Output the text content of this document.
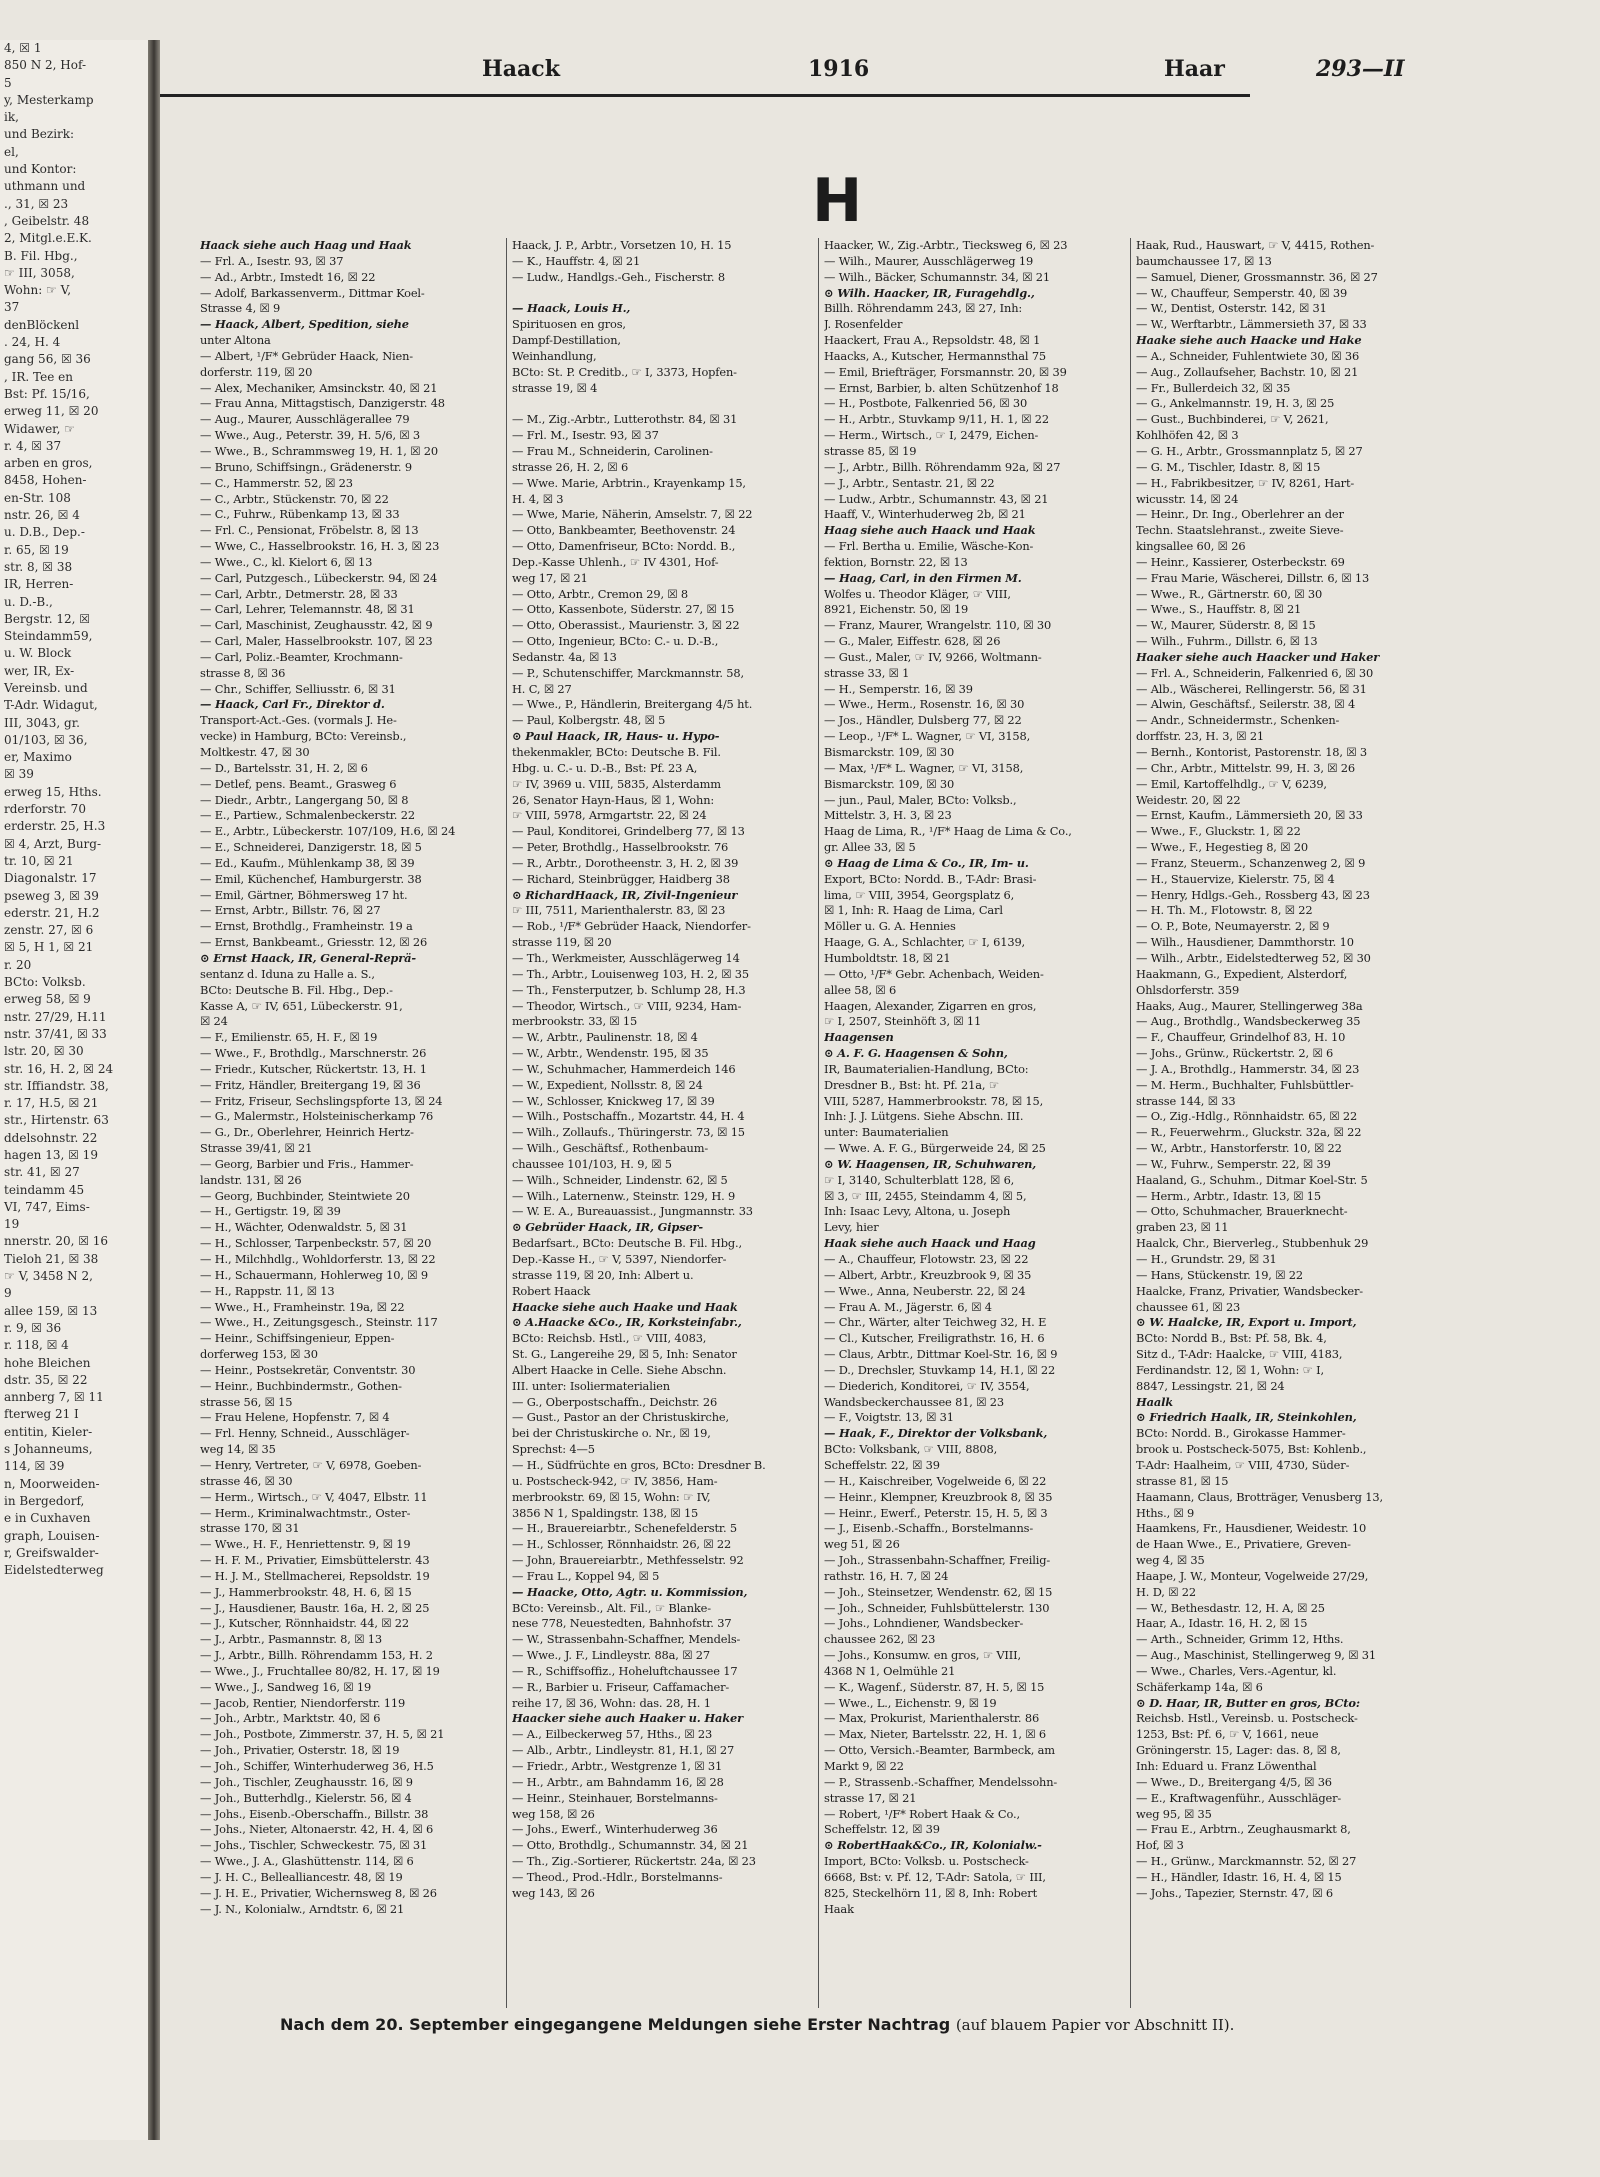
4, ☒ 1
850 N 2, Hof-
5
y, Mesterkamp
ik,
und Bezirk:
el,
und Kontor:
uthmann und
., 31, ☒ 23
, Geibelstr. 48
2, Mitgl.e.E.K.
B. Fil. Hbg.,
☞ III, 3058,
Wohn: ☞ V,
37
denBlöckenl
. 24, H. 4
gang 56, ☒ 36
, IR. Tee en
Bst: Pf. 15/16,
erweg 11, ☒ 20
Widawer, ☞
r. 4, ☒ 37
arben en gros,
8458, Hohen-
en-Str. 108
nstr. 26, ☒ 4
u. D.B., Dep.-
r. 65, ☒ 19
str. 8, ☒ 38
IR, Herren-
u. D.-B.,
Bergstr. 12, ☒
Steindamm59,
u. W. Block
wer, IR, Ex-
Vereinsb. und
T-Adr. Widagut,
III, 3043, gr.
01/103, ☒ 36,
er, Maximo
☒ 39
erweg 15, Hths.
rderforstr. 70
erderstr. 25, H.3
☒ 4, Arzt, Burg-
tr. 10, ☒ 21
Diagonalstr. 17
pseweg 3, ☒ 39
ederstr. 21, H.2
zenstr. 27, ☒ 6
☒ 5, H 1, ☒ 21
r. 20
BCto: Volksb.
erweg 58, ☒ 9
nstr. 27/29, H.11
nstr. 37/41, ☒ 33
lstr. 20, ☒ 30
str. 16, H. 2, ☒ 24
str. Iffiandstr. 38,
r. 17, H.5, ☒ 21
str., Hirtenstr. 63
ddelsohnstr. 22
hagen 13, ☒ 19
str. 41, ☒ 27
teindamm 45
VI, 747, Eims-
19
nnerstr. 20, ☒ 16
Tieloh 21, ☒ 38
☞ V, 3458 N 2,
9
allee 159, ☒ 13
r. 9, ☒ 36
r. 118, ☒ 4
hohe Bleichen
dstr. 35, ☒ 22
annberg 7, ☒ 11
fterweg 21 I
entitin, Kieler-
s Johanneums,
114, ☒ 39
n, Moorweiden-
in Bergedorf,
e in Cuxhaven
graph, Louisen-
r, Greifswalder-
Eidelstedterweg
Haack	1916	Haar	293—II
H
Haack siehe auch Haag und Haak
— Frl. A., Isestr. 93, ☒ 37
— Ad., Arbtr., Imstedt 16, ☒ 22
— Adolf, Barkassenverm., Dittmar Koel-
Strasse 4, ☒ 9
— Haack, Albert, Spedition, siehe
unter Altona
— Albert, ¹/F* Gebrüder Haack, Nien-
dorferstr. 119, ☒ 20
— Alex, Mechaniker, Amsinckstr. 40, ☒ 21
— Frau Anna, Mittagstisch, Danzigerstr. 48
— Aug., Maurer, Ausschlägerallee 79
— Wwe., Aug., Peterstr. 39, H. 5/6, ☒ 3
— Wwe., B., Schrammsweg 19, H. 1, ☒ 20
— Bruno, Schiffsingn., Grädenerstr. 9
— C., Hammerstr. 52, ☒ 23
— C., Arbtr., Stückenstr. 70, ☒ 22
— C., Fuhrw., Rübenkamp 13, ☒ 33
— Frl. C., Pensionat, Fröbelstr. 8, ☒ 13
— Wwe, C., Hasselbrookstr. 16, H. 3, ☒ 23
— Wwe., C., kl. Kielort 6, ☒ 13
— Carl, Putzgesch., Lübeckerstr. 94, ☒ 24
— Carl, Arbtr., Detmerstr. 28, ☒ 33
— Carl, Lehrer, Telemannstr. 48, ☒ 31
— Carl, Maschinist, Zeughausstr. 42, ☒ 9
— Carl, Maler, Hasselbrookstr. 107, ☒ 23
— Carl, Poliz.-Beamter, Krochmann-
strasse 8, ☒ 36
— Chr., Schiffer, Selliusstr. 6, ☒ 31
— Haack, Carl Fr., Direktor d.
Transport-Act.-Ges. (vormals J. He-
vecke) in Hamburg, BCto: Vereinsb.,
Moltkestr. 47, ☒ 30
— D., Bartelsstr. 31, H. 2, ☒ 6
— Detlef, pens. Beamt., Grasweg 6
— Diedr., Arbtr., Langergang 50, ☒ 8
— E., Partiew., Schmalenbeckerstr. 22
— E., Arbtr., Lübeckerstr. 107/109, H.6, ☒ 24
— E., Schneiderei, Danzigerstr. 18, ☒ 5
— Ed., Kaufm., Mühlenkamp 38, ☒ 39
— Emil, Küchenchef, Hamburgerstr. 38
— Emil, Gärtner, Böhmersweg 17 ht.
— Ernst, Arbtr., Billstr. 76, ☒ 27
— Ernst, Brothdlg., Framheinstr. 19 a
— Ernst, Bankbeamt., Griesstr. 12, ☒ 26
⊙ Ernst Haack, IR, General-Reprä-
sentanz d. Iduna zu Halle a. S.,
BCto: Deutsche B. Fil. Hbg., Dep.-
Kasse A, ☞ IV, 651, Lübeckerstr. 91,
☒ 24
— F., Emilienstr. 65, H. F., ☒ 19
— Wwe., F., Brothdlg., Marschnerstr. 26
— Friedr., Kutscher, Rückertstr. 13, H. 1
— Fritz, Händler, Breitergang 19, ☒ 36
— Fritz, Friseur, Sechslingspforte 13, ☒ 24
— G., Malermstr., Holsteinischerkamp 76
— G., Dr., Oberlehrer, Heinrich Hertz-
Strasse 39/41, ☒ 21
— Georg, Barbier und Fris., Hammer-
landstr. 131, ☒ 26
— Georg, Buchbinder, Steintwiete 20
— H., Gertigstr. 19, ☒ 39
— H., Wächter, Odenwaldstr. 5, ☒ 31
— H., Schlosser, Tarpenbeckstr. 57, ☒ 20
— H., Milchhdlg., Wohldorferstr. 13, ☒ 22
— H., Schauermann, Hohlerweg 10, ☒ 9
— H., Rappstr. 11, ☒ 13
— Wwe., H., Framheinstr. 19a, ☒ 22
— Wwe., H., Zeitungsgesch., Steinstr. 117
— Heinr., Schiffsingenieur, Eppen-
dorferweg 153, ☒ 30
— Heinr., Postsekretär, Conventstr. 30
— Heinr., Buchbindermstr., Gothen-
strasse 56, ☒ 15
— Frau Helene, Hopfenstr. 7, ☒ 4
— Frl. Henny, Schneid., Ausschläger-
weg 14, ☒ 35
— Henry, Vertreter, ☞ V, 6978, Goeben-
strasse 46, ☒ 30
— Herm., Wirtsch., ☞ V, 4047, Elbstr. 11
— Herm., Kriminalwachtmstr., Oster-
strasse 170, ☒ 31
— Wwe., H. F., Henriettenstr. 9, ☒ 19
— H. F. M., Privatier, Eimsbüttelerstr. 43
— H. J. M., Stellmacherei, Repsoldstr. 19
— J., Hammerbrookstr. 48, H. 6, ☒ 15
— J., Hausdiener, Baustr. 16a, H. 2, ☒ 25
— J., Kutscher, Rönnhaidstr. 44, ☒ 22
— J., Arbtr., Pasmannstr. 8, ☒ 13
— J., Arbtr., Billh. Röhrendamm 153, H. 2
— Wwe., J., Fruchtallee 80/82, H. 17, ☒ 19
— Wwe., J., Sandweg 16, ☒ 19
— Jacob, Rentier, Niendorferstr. 119
— Joh., Arbtr., Marktstr. 40, ☒ 6
— Joh., Postbote, Zimmerstr. 37, H. 5, ☒ 21
— Joh., Privatier, Osterstr. 18, ☒ 19
— Joh., Schiffer, Winterhuderweg 36, H.5
— Joh., Tischler, Zeughausstr. 16, ☒ 9
— Joh., Butterhdlg., Kielerstr. 56, ☒ 4
— Johs., Eisenb.-Oberschaffn., Billstr. 38
— Johs., Nieter, Altonaerstr. 42, H. 4, ☒ 6
— Johs., Tischler, Schweckestr. 75, ☒ 31
— Wwe., J. A., Glashüttenstr. 114, ☒ 6
— J. H. C., Bellealliancestr. 48, ☒ 19
— J. H. E., Privatier, Wichernsweg 8, ☒ 26
— J. N., Kolonialw., Arndtstr. 6, ☒ 21
Haack, J. P., Arbtr., Vorsetzen 10, H. 15
— K., Hauffstr. 4, ☒ 21
— Ludw., Handlgs.-Geh., Fischerstr. 8

— Haack, Louis H.,
Spirituosen en gros,
Dampf-Destillation,
Weinhandlung,
BCto: St. P. Creditb., ☞ I, 3373, Hopfen-
strasse 19, ☒ 4

— M., Zig.-Arbtr., Lutterothstr. 84, ☒ 31
— Frl. M., Isestr. 93, ☒ 37
— Frau M., Schneiderin, Carolinen-
strasse 26, H. 2, ☒ 6
— Wwe. Marie, Arbtrin., Krayenkamp 15,
H. 4, ☒ 3
— Wwe, Marie, Näherin, Amselstr. 7, ☒ 22
— Otto, Bankbeamter, Beethovenstr. 24
— Otto, Damenfriseur, BCto: Nordd. B.,
Dep.-Kasse Uhlenh., ☞ IV 4301, Hof-
weg 17, ☒ 21
— Otto, Arbtr., Cremon 29, ☒ 8
— Otto, Kassenbote, Süderstr. 27, ☒ 15
— Otto, Oberassist., Maurienstr. 3, ☒ 22
— Otto, Ingenieur, BCto: C.- u. D.-B.,
Sedanstr. 4a, ☒ 13
— P., Schutenschiffer, Marckmannstr. 58,
H. C, ☒ 27
— Wwe., P., Händlerin, Breitergang 4/5 ht.
— Paul, Kolbergstr. 48, ☒ 5
⊙ Paul Haack, IR, Haus- u. Hypo-
thekenmakler, BCto: Deutsche B. Fil.
Hbg. u. C.- u. D.-B., Bst: Pf. 23 A,
☞ IV, 3969 u. VIII, 5835, Alsterdamm
26, Senator Hayn-Haus, ☒ 1, Wohn:
☞ VIII, 5978, Armgartstr. 22, ☒ 24
— Paul, Konditorei, Grindelberg 77, ☒ 13
— Peter, Brothdlg., Hasselbrookstr. 76
— R., Arbtr., Dorotheenstr. 3, H. 2, ☒ 39
— Richard, Steinbrügger, Haidberg 38
⊙ RichardHaack, IR, Zivil-Ingenieur
☞ III, 7511, Marienthalerstr. 83, ☒ 23
— Rob., ¹/F* Gebrüder Haack, Niendorfer-
strasse 119, ☒ 20
— Th., Werkmeister, Ausschlägerweg 14
— Th., Arbtr., Louisenweg 103, H. 2, ☒ 35
— Th., Fensterputzer, b. Schlump 28, H.3
— Theodor, Wirtsch., ☞ VIII, 9234, Ham-
merbrookstr. 33, ☒ 15
— W., Arbtr., Paulinenstr. 18, ☒ 4
— W., Arbtr., Wendenstr. 195, ☒ 35
— W., Schuhmacher, Hammerdeich 146
— W., Expedient, Nollsstr. 8, ☒ 24
— W., Schlosser, Knickweg 17, ☒ 39
— Wilh., Postschaffn., Mozartstr. 44, H. 4
— Wilh., Zollaufs., Thüringerstr. 73, ☒ 15
— Wilh., Geschäftsf., Rothenbaum-
chaussee 101/103, H. 9, ☒ 5
— Wilh., Schneider, Lindenstr. 62, ☒ 5
— Wilh., Laternenw., Steinstr. 129, H. 9
— W. E. A., Bureauassist., Jungmannstr. 33
⊙ Gebrüder Haack, IR, Gipser-
Bedarfsart., BCto: Deutsche B. Fil. Hbg.,
Dep.-Kasse H., ☞ V, 5397, Niendorfer-
strasse 119, ☒ 20, Inh: Albert u.
Robert Haack
Haacke siehe auch Haake und Haak
⊙ A.Haacke &Co., IR, Korksteinfabr.,
BCto: Reichsb. Hstl., ☞ VIII, 4083,
St. G., Langereihe 29, ☒ 5, Inh: Senator
Albert Haacke in Celle. Siehe Abschn.
III. unter: Isoliermaterialien
— G., Oberpostschaffn., Deichstr. 26
— Gust., Pastor an der Christuskirche,
bei der Christuskirche o. Nr., ☒ 19,
Sprechst: 4—5
— H., Südfrüchte en gros, BCto: Dresdner B.
u. Postscheck-942, ☞ IV, 3856, Ham-
merbrookstr. 69, ☒ 15, Wohn: ☞ IV,
3856 N 1, Spaldingstr. 138, ☒ 15
— H., Brauereiarbtr., Schenefelderstr. 5
— H., Schlosser, Rönnhaidstr. 26, ☒ 22
— John, Brauereiarbtr., Methfesselstr. 92
— Frau L., Koppel 94, ☒ 5
— Haacke, Otto, Agtr. u. Kommission,
BCto: Vereinsb., Alt. Fil., ☞ Blanke-
nese 778, Neuestedten, Bahnhofstr. 37
— W., Strassenbahn-Schaffner, Mendels-
— Wwe., J. F., Lindleystr. 88a, ☒ 27
— R., Schiffsoffiz., Hoheluftchaussee 17
— R., Barbier u. Friseur, Caffamacher-
reihe 17, ☒ 36, Wohn: das. 28, H. 1
Haacker siehe auch Haaker u. Haker
— A., Eilbeckerweg 57, Hths., ☒ 23
— Alb., Arbtr., Lindleystr. 81, H.1, ☒ 27
— Friedr., Arbtr., Westgrenze 1, ☒ 31
— H., Arbtr., am Bahndamm 16, ☒ 28
— Heinr., Steinhauer, Borstelmanns-
weg 158, ☒ 26
— Johs., Ewerf., Winterhuderweg 36
— Otto, Brothdlg., Schumannstr. 34, ☒ 21
— Th., Zig.-Sortierer, Rückertstr. 24a, ☒ 23
— Theod., Prod.-Hdlr., Borstelmanns-
weg 143, ☒ 26
Haacker, W., Zig.-Arbtr., Tiecksweg 6, ☒ 23
— Wilh., Maurer, Ausschlägerweg 19
— Wilh., Bäcker, Schumannstr. 34, ☒ 21
⊙ Wilh. Haacker, IR, Furagehdlg.,
Billh. Röhrendamm 243, ☒ 27, Inh:
J. Rosenfelder
Haackert, Frau A., Repsoldstr. 48, ☒ 1
Haacks, A., Kutscher, Hermannsthal 75
— Emil, Briefträger, Forsmannstr. 20, ☒ 39
— Ernst, Barbier, b. alten Schützenhof 18
— H., Postbote, Falkenried 56, ☒ 30
— H., Arbtr., Stuvkamp 9/11, H. 1, ☒ 22
— Herm., Wirtsch., ☞ I, 2479, Eichen-
strasse 85, ☒ 19
— J., Arbtr., Billh. Röhrendamm 92a, ☒ 27
— J., Arbtr., Sentastr. 21, ☒ 22
— Ludw., Arbtr., Schumannstr. 43, ☒ 21
Haaff, V., Winterhuderweg 2b, ☒ 21
Haag siehe auch Haack und Haak
— Frl. Bertha u. Emilie, Wäsche-Kon-
fektion, Bornstr. 22, ☒ 13
— Haag, Carl, in den Firmen M.
Wolfes u. Theodor Kläger, ☞ VIII,
8921, Eichenstr. 50, ☒ 19
— Franz, Maurer, Wrangelstr. 110, ☒ 30
— G., Maler, Eiffestr. 628, ☒ 26
— Gust., Maler, ☞ IV, 9266, Woltmann-
strasse 33, ☒ 1
— H., Semperstr. 16, ☒ 39
— Wwe., Herm., Rosenstr. 16, ☒ 30
— Jos., Händler, Dulsberg 77, ☒ 22
— Leop., ¹/F* L. Wagner, ☞ VI, 3158,
Bismarckstr. 109, ☒ 30
— Max, ¹/F* L. Wagner, ☞ VI, 3158,
Bismarckstr. 109, ☒ 30
— jun., Paul, Maler, BCto: Volksb.,
Mittelstr. 3, H. 3, ☒ 23
Haag de Lima, R., ¹/F* Haag de Lima & Co.,
gr. Allee 33, ☒ 5
⊙ Haag de Lima & Co., IR, Im- u.
Export, BCto: Nordd. B., T-Adr: Brasi-
lima, ☞ VIII, 3954, Georgsplatz 6,
☒ 1, Inh: R. Haag de Lima, Carl
Möller u. G. A. Hennies
Haage, G. A., Schlachter, ☞ I, 6139,
Humboldtstr. 18, ☒ 21
— Otto, ¹/F* Gebr. Achenbach, Weiden-
allee 58, ☒ 6
Haagen, Alexander, Zigarren en gros,
☞ I, 2507, Steinhöft 3, ☒ 11
Haagensen
⊙ A. F. G. Haagensen & Sohn,
IR, Baumaterialien-Handlung, BCto:
Dresdner B., Bst: ht. Pf. 21a, ☞
VIII, 5287, Hammerbrookstr. 78, ☒ 15,
Inh: J. J. Lütgens. Siehe Abschn. III.
unter: Baumaterialien
— Wwe. A. F. G., Bürgerweide 24, ☒ 25
⊙ W. Haagensen, IR, Schuhwaren,
☞ I, 3140, Schulterblatt 128, ☒ 6,
☒ 3, ☞ III, 2455, Steindamm 4, ☒ 5,
Inh: Isaac Levy, Altona, u. Joseph
Levy, hier
Haak siehe auch Haack und Haag
— A., Chauffeur, Flotowstr. 23, ☒ 22
— Albert, Arbtr., Kreuzbrook 9, ☒ 35
— Wwe., Anna, Neuberstr. 22, ☒ 24
— Frau A. M., Jägerstr. 6, ☒ 4
— Chr., Wärter, alter Teichweg 32, H. E
— Cl., Kutscher, Freiligrathstr. 16, H. 6
— Claus, Arbtr., Dittmar Koel-Str. 16, ☒ 9
— D., Drechsler, Stuvkamp 14, H.1, ☒ 22
— Diederich, Konditorei, ☞ IV, 3554,
Wandsbeckerchaussee 81, ☒ 23
— F., Voigtstr. 13, ☒ 31
— Haak, F., Direktor der Volksbank,
BCto: Volksbank, ☞ VIII, 8808,
Scheffelstr. 22, ☒ 39
— H., Kaischreiber, Vogelweide 6, ☒ 22
— Heinr., Klempner, Kreuzbrook 8, ☒ 35
— Heinr., Ewerf., Peterstr. 15, H. 5, ☒ 3
— J., Eisenb.-Schaffn., Borstelmanns-
weg 51, ☒ 26
— Joh., Strassenbahn-Schaffner, Freilig-
rathstr. 16, H. 7, ☒ 24
— Joh., Steinsetzer, Wendenstr. 62, ☒ 15
— Joh., Schneider, Fuhlsbüttelerstr. 130
— Johs., Lohndiener, Wandsbecker-
chaussee 262, ☒ 23
— Johs., Konsumw. en gros, ☞ VIII,
4368 N 1, Oelmühle 21
— K., Wagenf., Süderstr. 87, H. 5, ☒ 15
— Wwe., L., Eichenstr. 9, ☒ 19
— Max, Prokurist, Marienthalerstr. 86
— Max, Nieter, Bartelsstr. 22, H. 1, ☒ 6
— Otto, Versich.-Beamter, Barmbeck, am
Markt 9, ☒ 22
— P., Strassenb.-Schaffner, Mendelssohn-
strasse 17, ☒ 21
— Robert, ¹/F* Robert Haak & Co.,
Scheffelstr. 12, ☒ 39
⊙ RobertHaak&Co., IR, Kolonialw.-
Import, BCto: Volksb. u. Postscheck-
6668, Bst: v. Pf. 12, T-Adr: Satola, ☞ III,
825, Steckelhörn 11, ☒ 8, Inh: Robert
Haak
Haak, Rud., Hauswart, ☞ V, 4415, Rothen-
baumchaussee 17, ☒ 13
— Samuel, Diener, Grossmannstr. 36, ☒ 27
— W., Chauffeur, Semperstr. 40, ☒ 39
— W., Dentist, Osterstr. 142, ☒ 31
— W., Werftarbtr., Lämmersieth 37, ☒ 33
Haake siehe auch Haacke und Hake
— A., Schneider, Fuhlentwiete 30, ☒ 36
— Aug., Zollaufseher, Bachstr. 10, ☒ 21
— Fr., Bullerdeich 32, ☒ 35
— G., Ankelmannstr. 19, H. 3, ☒ 25
— Gust., Buchbinderei, ☞ V, 2621,
Kohlhöfen 42, ☒ 3
— G. H., Arbtr., Grossmannplatz 5, ☒ 27
— G. M., Tischler, Idastr. 8, ☒ 15
— H., Fabrikbesitzer, ☞ IV, 8261, Hart-
wicusstr. 14, ☒ 24
— Heinr., Dr. Ing., Oberlehrer an der
Techn. Staatslehranst., zweite Sieve-
kingsallee 60, ☒ 26
— Heinr., Kassierer, Osterbeckstr. 69
— Frau Marie, Wäscherei, Dillstr. 6, ☒ 13
— Wwe., R., Gärtnerstr. 60, ☒ 30
— Wwe., S., Hauffstr. 8, ☒ 21
— W., Maurer, Süderstr. 8, ☒ 15
— Wilh., Fuhrm., Dillstr. 6, ☒ 13
Haaker siehe auch Haacker und Haker
— Frl. A., Schneiderin, Falkenried 6, ☒ 30
— Alb., Wäscherei, Rellingerstr. 56, ☒ 31
— Alwin, Geschäftsf., Seilerstr. 38, ☒ 4
— Andr., Schneidermstr., Schenken-
dorffstr. 23, H. 3, ☒ 21
— Bernh., Kontorist, Pastorenstr. 18, ☒ 3
— Chr., Arbtr., Mittelstr. 99, H. 3, ☒ 26
— Emil, Kartoffelhdlg., ☞ V, 6239,
Weidestr. 20, ☒ 22
— Ernst, Kaufm., Lämmersieth 20, ☒ 33
— Wwe., F., Gluckstr. 1, ☒ 22
— Wwe., F., Hegestieg 8, ☒ 20
— Franz, Steuerm., Schanzenweg 2, ☒ 9
— H., Stauervize, Kielerstr. 75, ☒ 4
— Henry, Hdlgs.-Geh., Rossberg 43, ☒ 23
— H. Th. M., Flotowstr. 8, ☒ 22
— O. P., Bote, Neumayerstr. 2, ☒ 9
— Wilh., Hausdiener, Dammthorstr. 10
— Wilh., Arbtr., Eidelstedterweg 52, ☒ 30
Haakmann, G., Expedient, Alsterdorf,
Ohlsdorferstr. 359
Haaks, Aug., Maurer, Stellingerweg 38a
— Aug., Brothdlg., Wandsbeckerweg 35
— F., Chauffeur, Grindelhof 83, H. 10
— Johs., Grünw., Rückertstr. 2, ☒ 6
— J. A., Brothdlg., Hammerstr. 34, ☒ 23
— M. Herm., Buchhalter, Fuhlsbüttler-
strasse 144, ☒ 33
— O., Zig.-Hdlg., Rönnhaidstr. 65, ☒ 22
— R., Feuerwehrm., Gluckstr. 32a, ☒ 22
— W., Arbtr., Hanstorferstr. 10, ☒ 22
— W., Fuhrw., Semperstr. 22, ☒ 39
Haaland, G., Schuhm., Ditmar Koel-Str. 5
— Herm., Arbtr., Idastr. 13, ☒ 15
— Otto, Schuhmacher, Brauerknecht-
graben 23, ☒ 11
Haalck, Chr., Bierverleg., Stubbenhuk 29
— H., Grundstr. 29, ☒ 31
— Hans, Stückenstr. 19, ☒ 22
Haalcke, Franz, Privatier, Wandsbecker-
chaussee 61, ☒ 23
⊙ W. Haalcke, IR, Export u. Import,
BCto: Nordd B., Bst: Pf. 58, Bk. 4,
Sitz d., T-Adr: Haalcke, ☞ VIII, 4183,
Ferdinandstr. 12, ☒ 1, Wohn: ☞ I,
8847, Lessingstr. 21, ☒ 24
Haalk
⊙ Friedrich Haalk, IR, Steinkohlen,
BCto: Nordd. B., Girokasse Hammer-
brook u. Postscheck-5075, Bst: Kohlenb.,
T-Adr: Haalheim, ☞ VIII, 4730, Süder-
strasse 81, ☒ 15
Haamann, Claus, Brotträger, Venusberg 13,
Hths., ☒ 9
Haamkens, Fr., Hausdiener, Weidestr. 10
de Haan Wwe., E., Privatiere, Greven-
weg 4, ☒ 35
Haape, J. W., Monteur, Vogelweide 27/29,
H. D, ☒ 22
— W., Bethesdastr. 12, H. A, ☒ 25
Haar, A., Idastr. 16, H. 2, ☒ 15
— Arth., Schneider, Grimm 12, Hths.
— Aug., Maschinist, Stellingerweg 9, ☒ 31
— Wwe., Charles, Vers.-Agentur, kl.
Schäferkamp 14a, ☒ 6
⊙ D. Haar, IR, Butter en gros, BCto:
Reichsb. Hstl., Vereinsb. u. Postscheck-
1253, Bst: Pf. 6, ☞ V, 1661, neue
Gröningerstr. 15, Lager: das. 8, ☒ 8,
Inh: Eduard u. Franz Löwenthal
— Wwe., D., Breitergang 4/5, ☒ 36
— E., Kraftwagenführ., Ausschläger-
weg 95, ☒ 35
— Frau E., Arbtrn., Zeughausmarkt 8,
Hof, ☒ 3
— H., Grünw., Marckmannstr. 52, ☒ 27
— H., Händler, Idastr. 16, H. 4, ☒ 15
— Johs., Tapezier, Sternstr. 47, ☒ 6
Nach dem 20. September eingegangene Meldungen siehe Erster Nachtrag (auf blauem Papier vor Abschnitt II).
